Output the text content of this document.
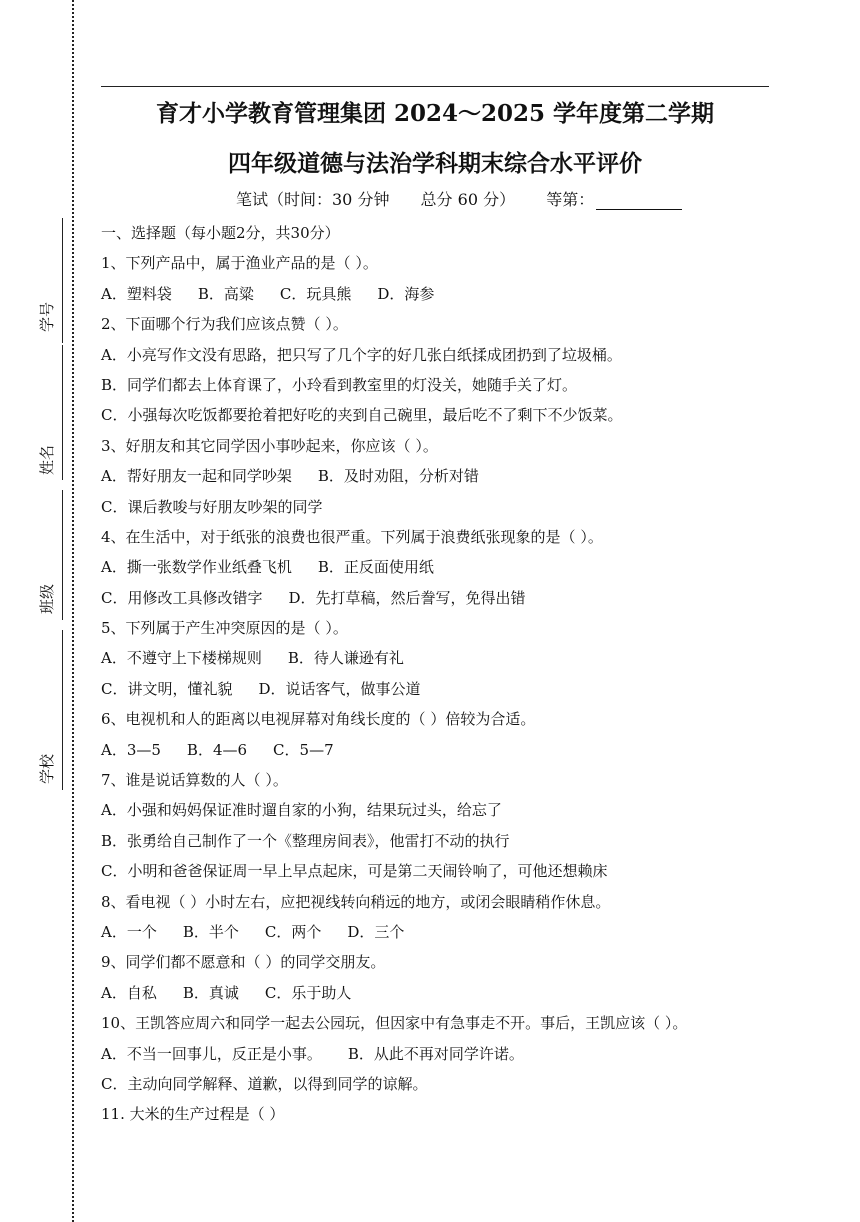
学号
姓名
班级
学校
育才小学教育管理集团 2024～2025 学年度第二学期
四年级道德与法治学科期末综合水平评价
笔试（时间：30 分钟 总分 60 分） 等第：
一、选择题（每小题2分，共30分）
1、下列产品中，属于渔业产品的是（ ）。
A．塑料袋 B．高粱 C．玩具熊 D．海参
2、下面哪个行为我们应该点赞（ ）。
A．小亮写作文没有思路，把只写了几个字的好几张白纸揉成团扔到了垃圾桶。
B．同学们都去上体育课了，小玲看到教室里的灯没关，她随手关了灯。
C．小强每次吃饭都要抢着把好吃的夹到自己碗里，最后吃不了剩下不少饭菜。
3、好朋友和其它同学因小事吵起来，你应该（ ）。
A．帮好朋友一起和同学吵架 B．及时劝阻，分析对错
C．课后教唆与好朋友吵架的同学
4、在生活中，对于纸张的浪费也很严重。下列属于浪费纸张现象的是（ ）。
A．撕一张数学作业纸叠飞机 B．正反面使用纸
C．用修改工具修改错字 D．先打草稿，然后誊写，免得出错
5、下列属于产生冲突原因的是（ ）。
A．不遵守上下楼梯规则 B．待人谦逊有礼
C．讲文明，懂礼貌 D．说话客气，做事公道
6、电视机和人的距离以电视屏幕对角线长度的（ ）倍较为合适。
A．3—5 B．4—6 C．5—7
7、谁是说话算数的人（ ）。
A．小强和妈妈保证准时遛自家的小狗，结果玩过头，给忘了
B．张勇给自己制作了一个《整理房间表》，他雷打不动的执行
C．小明和爸爸保证周一早上早点起床，可是第二天闹铃响了，可他还想赖床
8、看电视（ ）小时左右，应把视线转向稍远的地方，或闭会眼睛稍作休息。
A．一个 B．半个 C．两个 D．三个
9、同学们都不愿意和（ ）的同学交朋友。
A．自私 B．真诚 C．乐于助人
10、王凯答应周六和同学一起去公园玩，但因家中有急事走不开。事后，王凯应该（ ）。
A．不当一回事儿，反正是小事。 B．从此不再对同学许诺。
C．主动向同学解释、道歉，以得到同学的谅解。
11. 大米的生产过程是（ ）
